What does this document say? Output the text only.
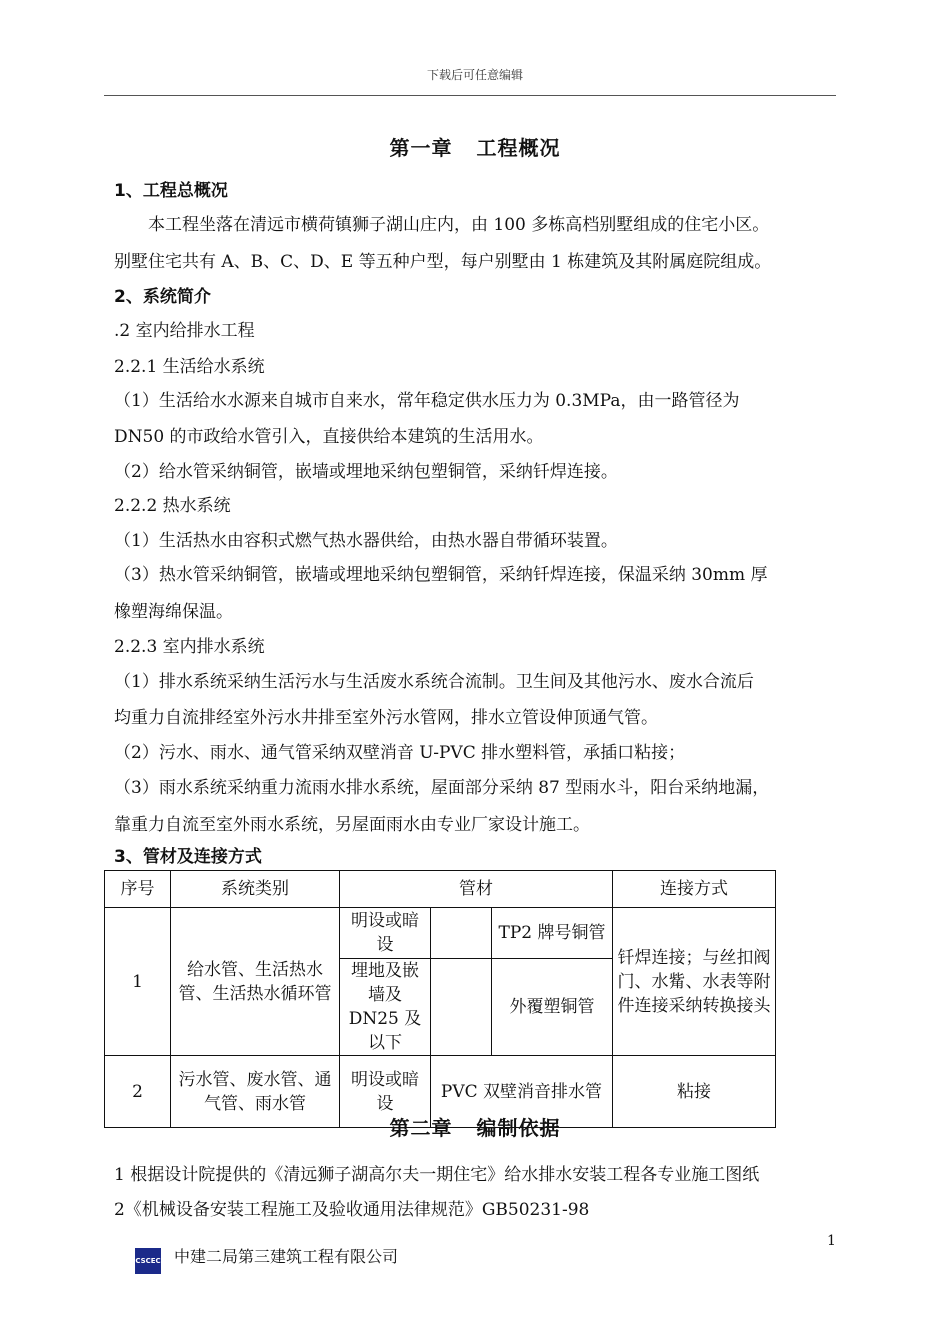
下载后可任意编辑
第一章 工程概况
1、工程总概况
本工程坐落在清远市横荷镇狮子湖山庄内，由 100 多栋高档别墅组成的住宅小区。
别墅住宅共有 A、B、C、D、E 等五种户型，每户别墅由 1 栋建筑及其附属庭院组成。
2、系统简介
.2 室内给排水工程
2.2.1 生活给水系统
（1）生活给水水源来自城市自来水，常年稳定供水压力为 0.3MPa，由一路管径为
DN50 的市政给水管引入，直接供给本建筑的生活用水。
（2）给水管采纳铜管，嵌墙或埋地采纳包塑铜管，采纳钎焊连接。
2.2.2 热水系统
（1）生活热水由容积式燃气热水器供给，由热水器自带循环装置。
（3）热水管采纳铜管，嵌墙或埋地采纳包塑铜管，采纳钎焊连接，保温采纳 30mm 厚
橡塑海绵保温。
2.2.3 室内排水系统
（1）排水系统采纳生活污水与生活废水系统合流制。卫生间及其他污水、废水合流后
均重力自流排经室外污水井排至室外污水管网，排水立管设伸顶通气管。
（2）污水、雨水、通气管采纳双壁消音 U-PVC 排水塑料管，承插口粘接；
（3）雨水系统采纳重力流雨水排水系统，屋面部分采纳 87 型雨水斗，阳台采纳地漏，
靠重力自流至室外雨水系统，另屋面雨水由专业厂家设计施工。
3、管材及连接方式
序号	系统类别	管材			连接方式
1	给水管、生活热水管、生活热水循环管	明设或暗设		TP2 牌号铜管	钎焊连接；与丝扣阀门、水觜、水表等附件连接采纳转换接头
		埋地及嵌墙及 DN25 及以下		外覆塑铜管	
2	污水管、废水管、通气管、雨水管	明设或暗设	PVC 双壁消音排水管		粘接
第二章 编制依据
1 根据设计院提供的《清远狮子湖高尔夫一期住宅》给水排水安装工程各专业施工图纸
2《机械设备安装工程施工及验收通用法律规范》GB50231-98
1
CSCEC 中建二局第三建筑工程有限公司
